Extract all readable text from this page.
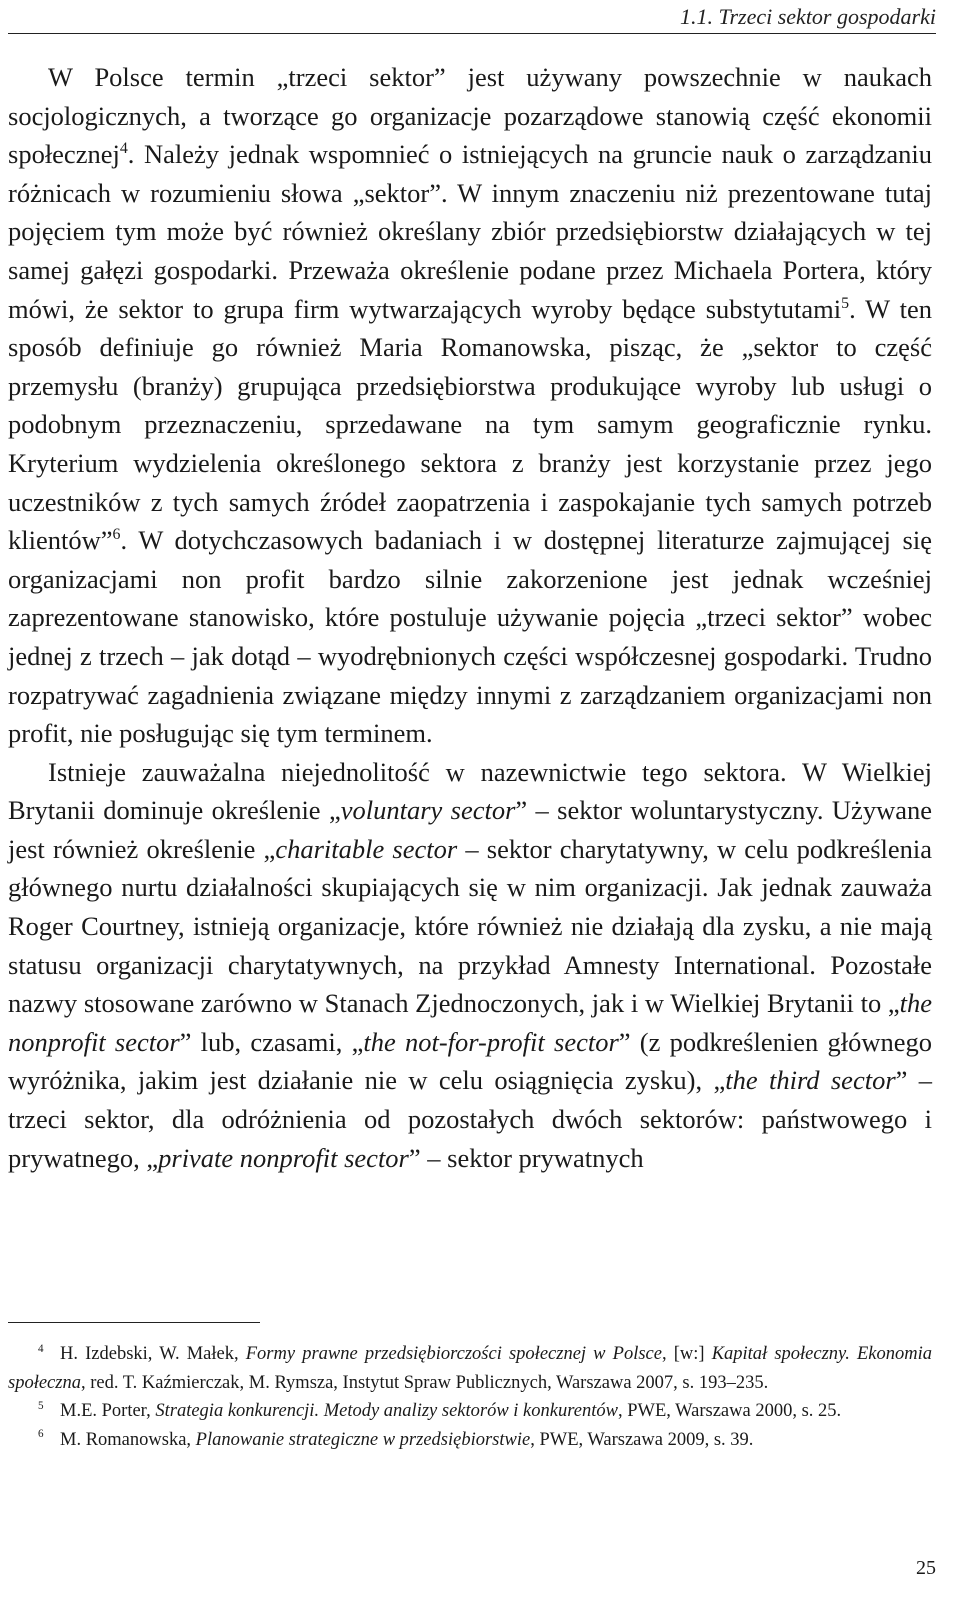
1.1. Trzeci sektor gospodarki

W Polsce termin „trzeci sektor” jest używany powszechnie w naukach socjologicznych, a tworzące go organizacje pozarządowe stanowią część ekonomii społecznej$^4$. Należy jednak wspomnieć o istniejących na gruncie nauk o zarządzaniu różnicach w rozumieniu słowa „sektor”. W innym znaczeniu niż prezentowane tutaj pojęciem tym może być również określany zbiór przedsiębiorstw działających w tej samej gałęzi gospodarki. Przeważa określenie podane przez Michaela Portera, który mówi, że sektor to grupa firm wytwarzających wyroby będące substytutami$^5$. W ten sposób definiuje go również Maria Romanowska, pisząc, że „sektor to część przemysłu (branży) grupująca przedsiębiorstwa produkujące wyroby lub usługi o podobnym przeznaczeniu, sprzedawane na tym samym geograficznie rynku. Kryterium wydzielenia określonego sektora z branży jest korzystanie przez jego uczestników z tych samych źródeł zaopatrzenia i zaspokajanie tych samych potrzeb klientów”$^6$. W dotychczasowych badaniach i w dostępnej literaturze zajmującej się organizacjami non profit bardzo silnie zakorzenione jest jednak wcześniej zaprezentowane stanowisko, które postuluje używanie pojęcia „trzeci sektor” wobec jednej z trzech – jak dotąd – wyodrębnionych części współczesnej gospodarki. Trudno rozpatrywać zagadnienia związane między innymi z zarządzaniem organizacjami non profit, nie posługując się tym terminem.

Istnieje zauważalna niejednolitość w nazewnictwie tego sektora. W Wielkiej Brytanii dominuje określenie „voluntary sector” – sektor woluntarystyczny. Używane jest również określenie „charitable sector – sektor charytatywny, w celu podkreślenia głównego nurtu działalności skupiających się w nim organizacji. Jak jednak zauważa Roger Courtney, istnieją organizacje, które również nie działają dla zysku, a nie mają statusu organizacji charytatywnych, na przykład Amnesty International. Pozostałe nazwy stosowane zarówno w Stanach Zjednoczonych, jak i w Wielkiej Brytanii to „the nonprofit sector” lub, czasami, „the not-for-profit sector” (z podkreślenien głównego wyróżnika, jakim jest działanie nie w celu osiągnięcia zysku), „the third sector” – trzeci sektor, dla odróżnienia od pozostałych dwóch sektorów: państwowego i prywatnego, „private nonprofit sector” – sektor prywatnych

$^4$ H. Izdebski, W. Małek, Formy prawne przedsiębiorczości społecznej w Polsce, [w:] Kapitał społeczny. Ekonomia społeczna, red. T. Kaźmierczak, M. Rymsza, Instytut Spraw Publicznych, Warszawa 2007, s. 193–235.

$^5$ M.E. Porter, Strategia konkurencji. Metody analizy sektorów i konkurentów, PWE, Warszawa 2000, s. 25.

$^6$ M. Romanowska, Planowanie strategiczne w przedsiębiorstwie, PWE, Warszawa 2009, s. 39.

25
